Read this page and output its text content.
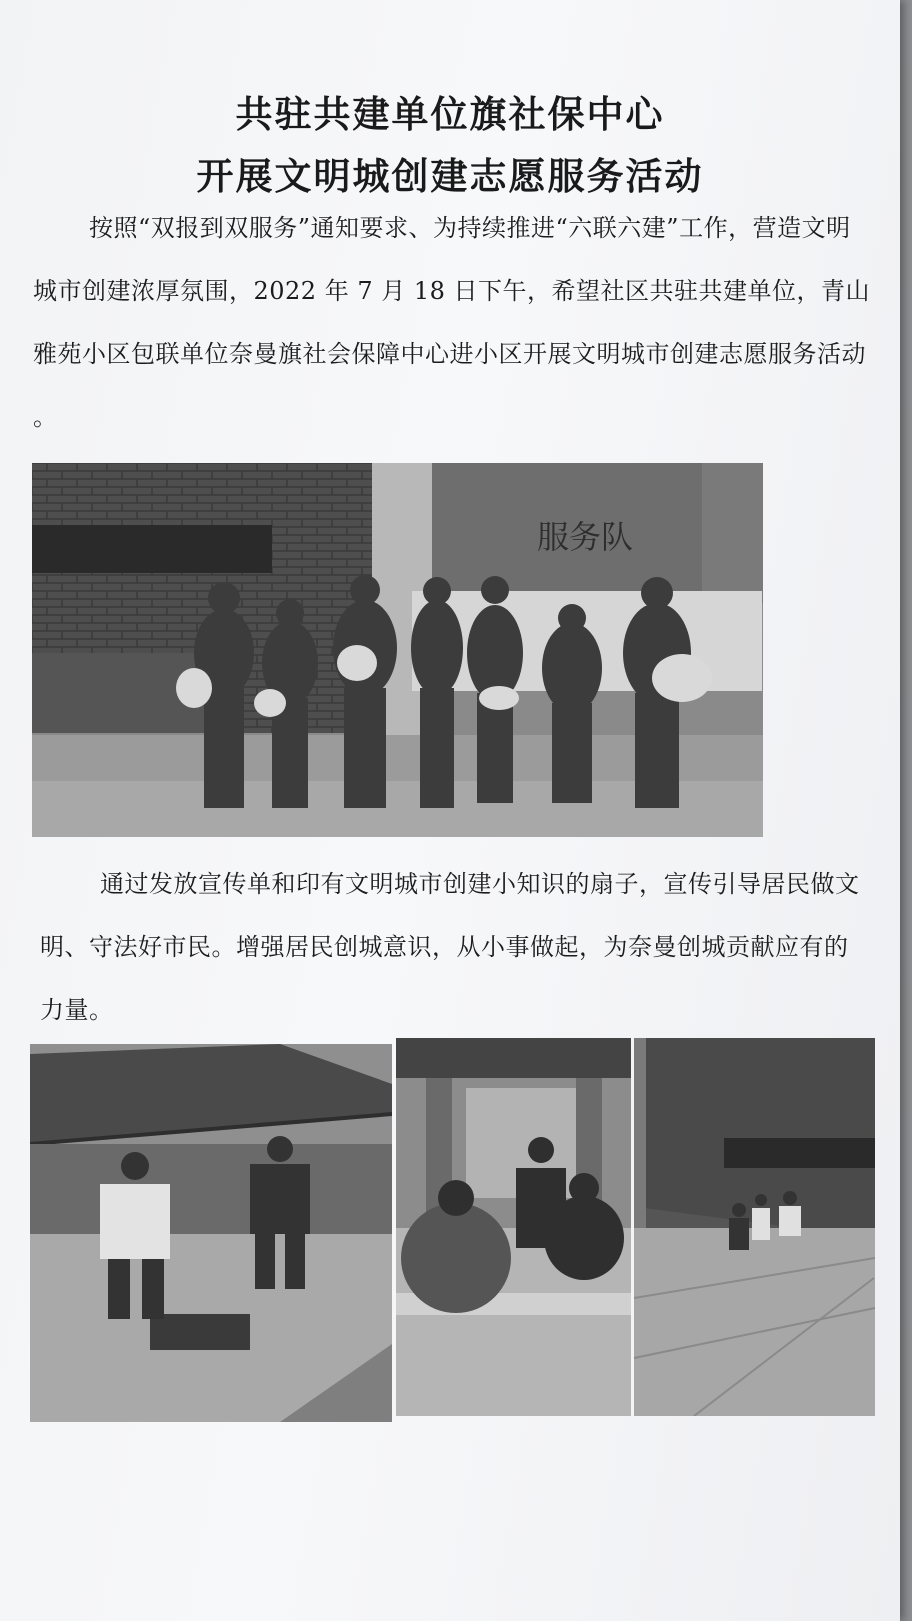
共驻共建单位旗社保中心
开展文明城创建志愿服务活动

按照“双报到双服务”通知要求、为持续推进“六联六建”工作，营造文明城市创建浓厚氛围，2022 年 7 月 18 日下午，希望社区共驻共建单位，青山雅苑小区包联单位奈曼旗社会保障中心进小区开展文明城市创建志愿服务活动 。

服务队

通过发放宣传单和印有文明城市创建小知识的扇子，宣传引导居民做文明、守法好市民。增强居民创城意识，从小事做起，为奈曼创城贡献应有的力量。
